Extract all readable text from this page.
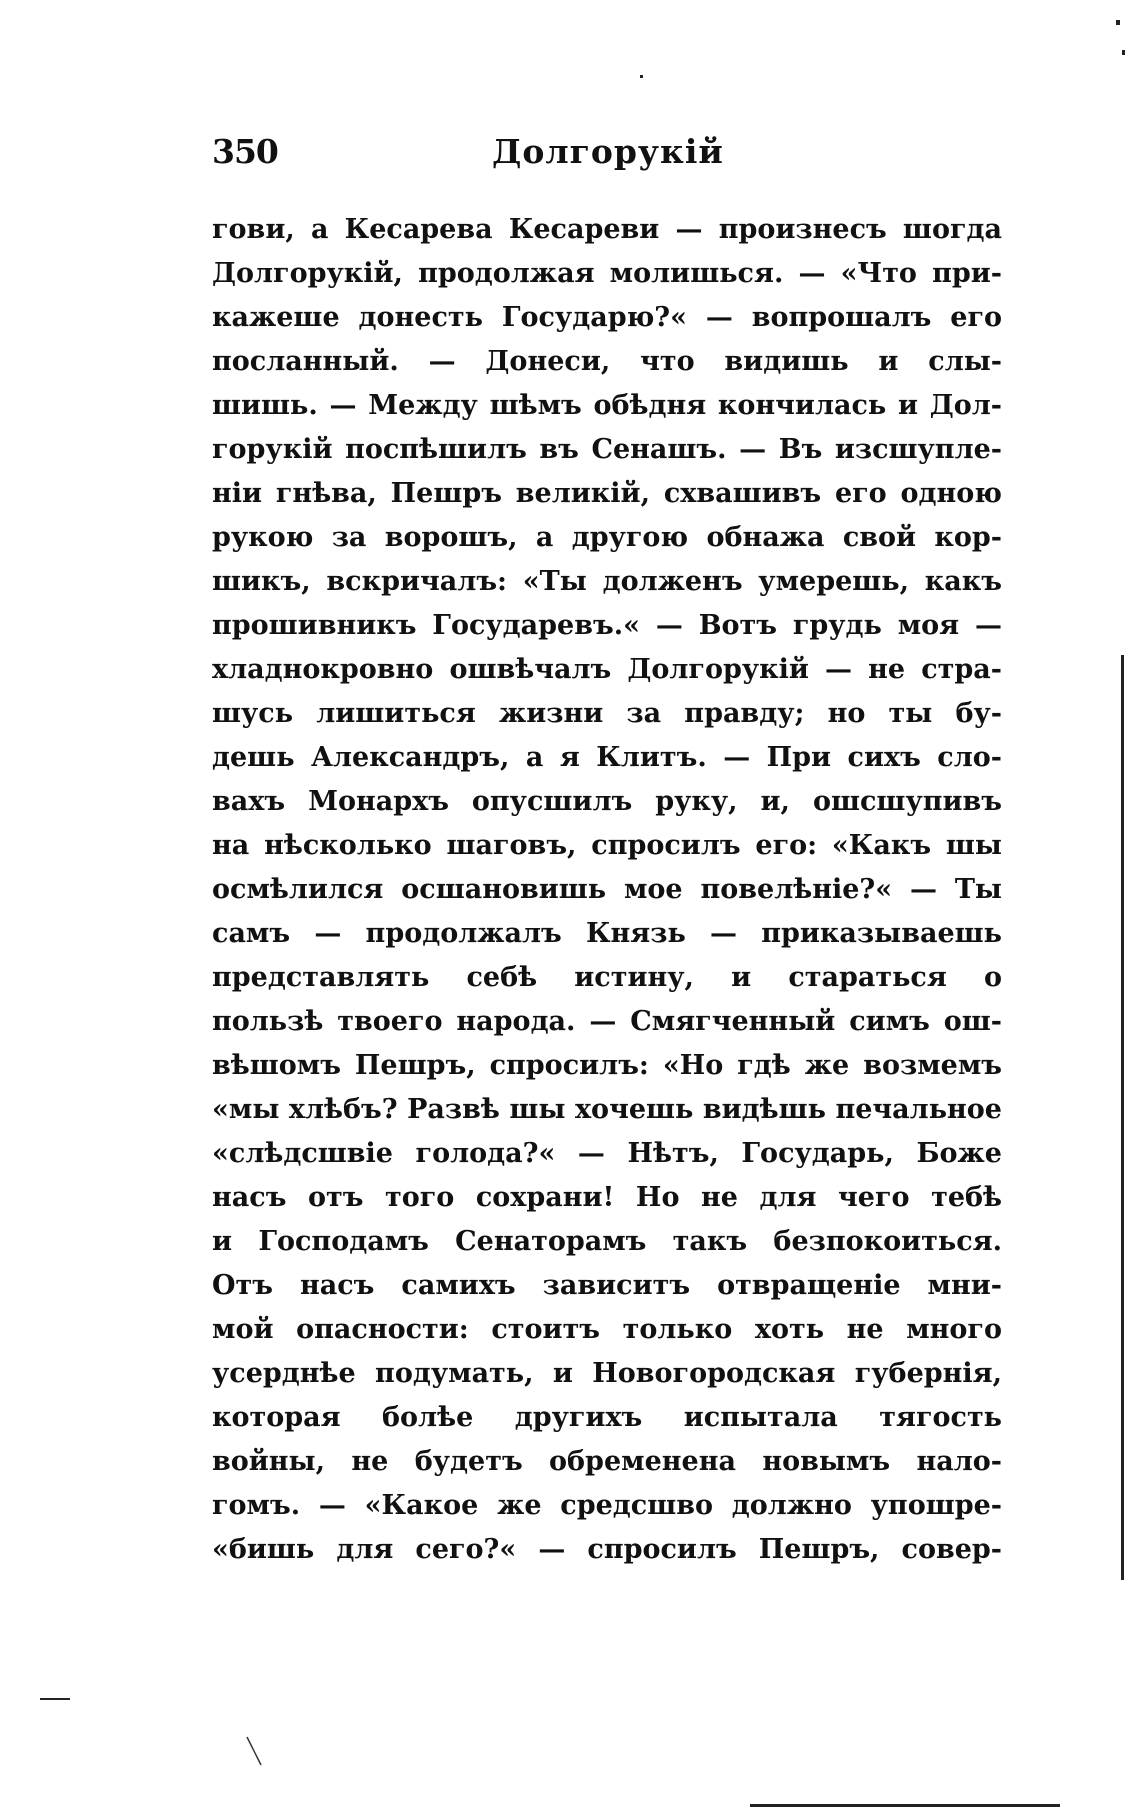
350	Долгорукій
гови, а Кесарева Кесареви — произнесъ шогда
Долгорукій, продолжая молишься. — «Что при-
кажеше донесть Государю?« — вопрошалъ его
посланный. — Донеси, что видишь и слы-
шишь. — Между шѣмъ обѣдня кончилась и Дол-
горукій поспѣшилъ въ Сенашъ. — Въ изсшупле-
ніи гнѣва, Пешръ великій, схвашивъ его одною
рукою за ворошъ, а другою обнажа свой кор-
шикъ, вскричалъ: «Ты долженъ умерешь, какъ
прошивникъ Государевъ.« — Вотъ грудь моя —
хладнокровно ошвѣчалъ Долгорукій — не стра-
шусь лишиться жизни за правду; но ты бу-
дешь Александръ, а я Клитъ. — При сихъ сло-
вахъ Монархъ опусшилъ руку, и, ошсшупивъ
на нѣсколько шаговъ, спросилъ его: «Какъ шы
осмѣлился осшановишь мое повелѣніе?« — Ты
самъ — продолжалъ Князь — приказываешь
представлять себѣ истину, и стараться о
пользѣ твоего народа. — Смягченный симъ ош-
вѣшомъ Пешръ, спросилъ: «Но гдѣ же возмемъ
«мы хлѣбъ? Развѣ шы хочешь видѣшь печальное
«слѣдсшвіе голода?« — Нѣтъ, Государь, Боже
насъ отъ того сохрани! Но не для чего тебѣ
и Господамъ Сенаторамъ такъ безпокоиться.
Отъ насъ самихъ зависитъ отвращеніе мни-
мой опасности: стоитъ только хоть не много
усерднѣе подумать, и Новогородская губернія,
которая болѣе другихъ испытала тягость
войны, не будетъ обременена новымъ нало-
гомъ. — «Какое же средсшво должно упошре-
«бишь для сего?« — спросилъ Пешръ, совер-
